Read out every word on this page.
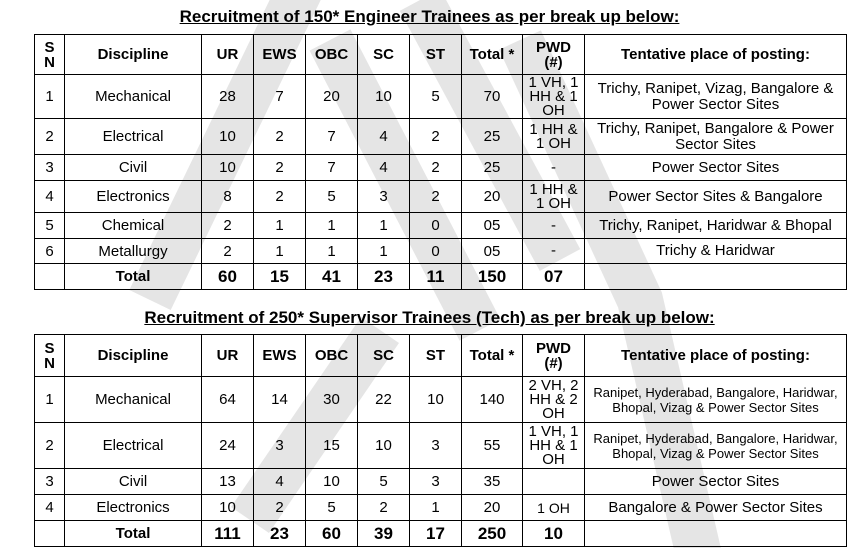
Recruitment of 150* Engineer Trainees as per break up below:
S N	Discipline	UR	EWS	OBC	SC	ST	Total *	PWD (#)	Tentative place of posting:
1	Mechanical	28	7	20	10	5	70	1 VH, 1 HH & 1 OH	Trichy, Ranipet, Vizag, Bangalore & Power Sector Sites
2	Electrical	10	2	7	4	2	25	1 HH & 1 OH	Trichy, Ranipet, Bangalore & Power Sector Sites
3	Civil	10	2	7	4	2	25	-	Power Sector Sites
4	Electronics	8	2	5	3	2	20	1 HH & 1 OH	Power Sector Sites & Bangalore
5	Chemical	2	1	1	1	0	05	-	Trichy, Ranipet, Haridwar & Bhopal
6	Metallurgy	2	1	1	1	0	05	-	Trichy & Haridwar
	Total	60	15	41	23	11	150	07	
Recruitment of 250* Supervisor Trainees (Tech) as per break up below:
S N	Discipline	UR	EWS	OBC	SC	ST	Total *	PWD (#)	Tentative place of posting:
1	Mechanical	64	14	30	22	10	140	2 VH, 2 HH & 2 OH	Ranipet, Hyderabad, Bangalore, Haridwar, Bhopal, Vizag & Power Sector Sites
2	Electrical	24	3	15	10	3	55	1 VH, 1 HH & 1 OH	Ranipet, Hyderabad, Bangalore, Haridwar, Bhopal, Vizag & Power Sector Sites
3	Civil	13	4	10	5	3	35		Power Sector Sites
4	Electronics	10	2	5	2	1	20	1 OH	Bangalore & Power Sector Sites
	Total	111	23	60	39	17	250	10	
